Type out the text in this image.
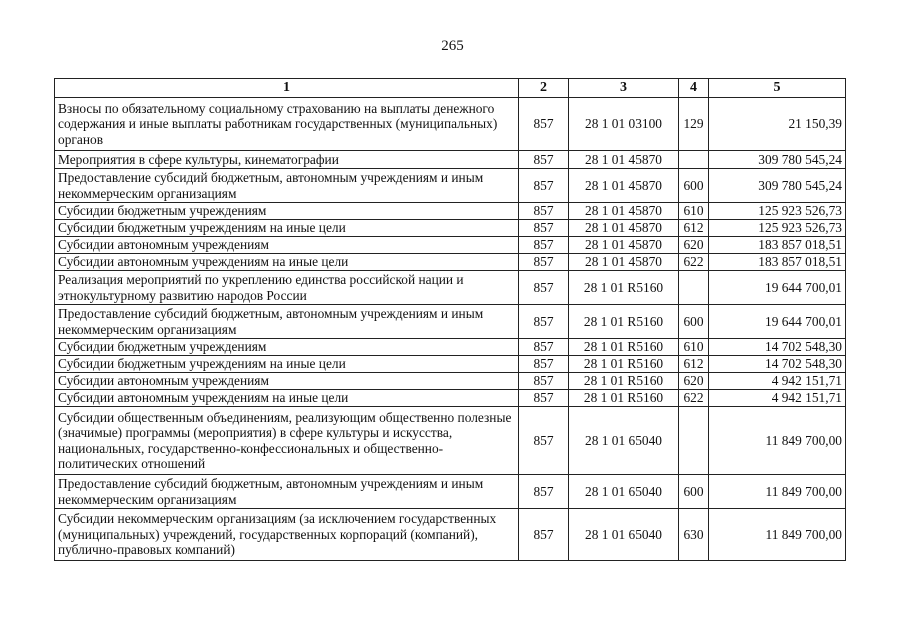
265
1	2	3	4	5
Взносы по обязательному социальному страхованию на выплаты денежного содержания и иные выплаты работникам государственных (муниципальных) органов	857	28 1 01 03100	129	21 150,39
Мероприятия в сфере культуры, кинематографии	857	28 1 01 45870		309 780 545,24
Предоставление субсидий бюджетным, автономным учреждениям и иным некоммерческим организациям	857	28 1 01 45870	600	309 780 545,24
Субсидии бюджетным учреждениям	857	28 1 01 45870	610	125 923 526,73
Субсидии бюджетным учреждениям на иные цели	857	28 1 01 45870	612	125 923 526,73
Субсидии автономным учреждениям	857	28 1 01 45870	620	183 857 018,51
Субсидии автономным учреждениям на иные цели	857	28 1 01 45870	622	183 857 018,51
Реализация мероприятий по укреплению единства российской нации и этнокультурному развитию народов России	857	28 1 01 R5160		19 644 700,01
Предоставление субсидий бюджетным, автономным учреждениям и иным некоммерческим организациям	857	28 1 01 R5160	600	19 644 700,01
Субсидии бюджетным учреждениям	857	28 1 01 R5160	610	14 702 548,30
Субсидии бюджетным учреждениям на иные цели	857	28 1 01 R5160	612	14 702 548,30
Субсидии автономным учреждениям	857	28 1 01 R5160	620	4 942 151,71
Субсидии автономным учреждениям на иные цели	857	28 1 01 R5160	622	4 942 151,71
Субсидии общественным объединениям, реализующим общественно полезные (значимые) программы (мероприятия) в сфере культуры и искусства, национальных, государственно-конфессиональных и общественно-политических отношений	857	28 1 01 65040		11 849 700,00
Предоставление субсидий бюджетным, автономным учреждениям и иным некоммерческим организациям	857	28 1 01 65040	600	11 849 700,00
Субсидии некоммерческим организациям (за исключением государственных (муниципальных) учреждений, государственных корпораций (компаний), публично-правовых компаний)	857	28 1 01 65040	630	11 849 700,00
